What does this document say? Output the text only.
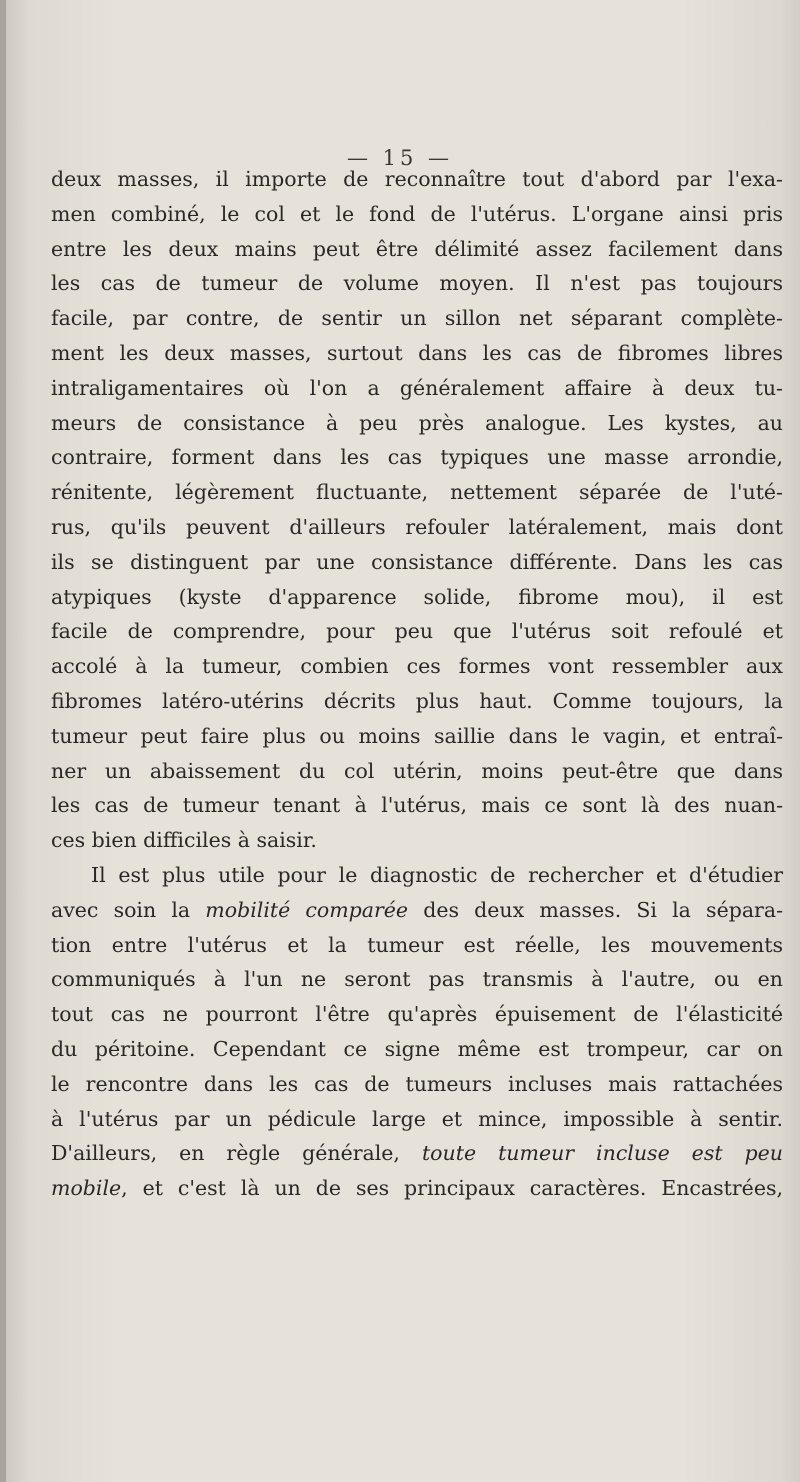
— 15 —
deux masses, il importe de reconnaître tout d'abord par l'exa-
men combiné, le col et le fond de l'utérus. L'organe ainsi pris
entre les deux mains peut être délimité assez facilement dans
les cas de tumeur de volume moyen. Il n'est pas toujours
facile, par contre, de sentir un sillon net séparant complète-
ment les deux masses, surtout dans les cas de fibromes libres
intraligamentaires où l'on a généralement affaire à deux tu-
meurs de consistance à peu près analogue. Les kystes, au
contraire, forment dans les cas typiques une masse arrondie,
rénitente, légèrement fluctuante, nettement séparée de l'uté-
rus, qu'ils peuvent d'ailleurs refouler latéralement, mais dont
ils se distinguent par une consistance différente. Dans les cas
atypiques (kyste d'apparence solide, fibrome mou), il est
facile de comprendre, pour peu que l'utérus soit refoulé et
accolé à la tumeur, combien ces formes vont ressembler aux
fibromes latéro-utérins décrits plus haut. Comme toujours, la
tumeur peut faire plus ou moins saillie dans le vagin, et entraî-
ner un abaissement du col utérin, moins peut-être que dans
les cas de tumeur tenant à l'utérus, mais ce sont là des nuan-
ces bien difficiles à saisir.
Il est plus utile pour le diagnostic de rechercher et d'étudier
avec soin la mobilité comparée des deux masses. Si la sépara-
tion entre l'utérus et la tumeur est réelle, les mouvements
communiqués à l'un ne seront pas transmis à l'autre, ou en
tout cas ne pourront l'être qu'après épuisement de l'élasticité
du péritoine. Cependant ce signe même est trompeur, car on
le rencontre dans les cas de tumeurs incluses mais rattachées
à l'utérus par un pédicule large et mince, impossible à sentir.
D'ailleurs, en règle générale, toute tumeur incluse est peu
mobile, et c'est là un de ses principaux caractères. Encastrées,
